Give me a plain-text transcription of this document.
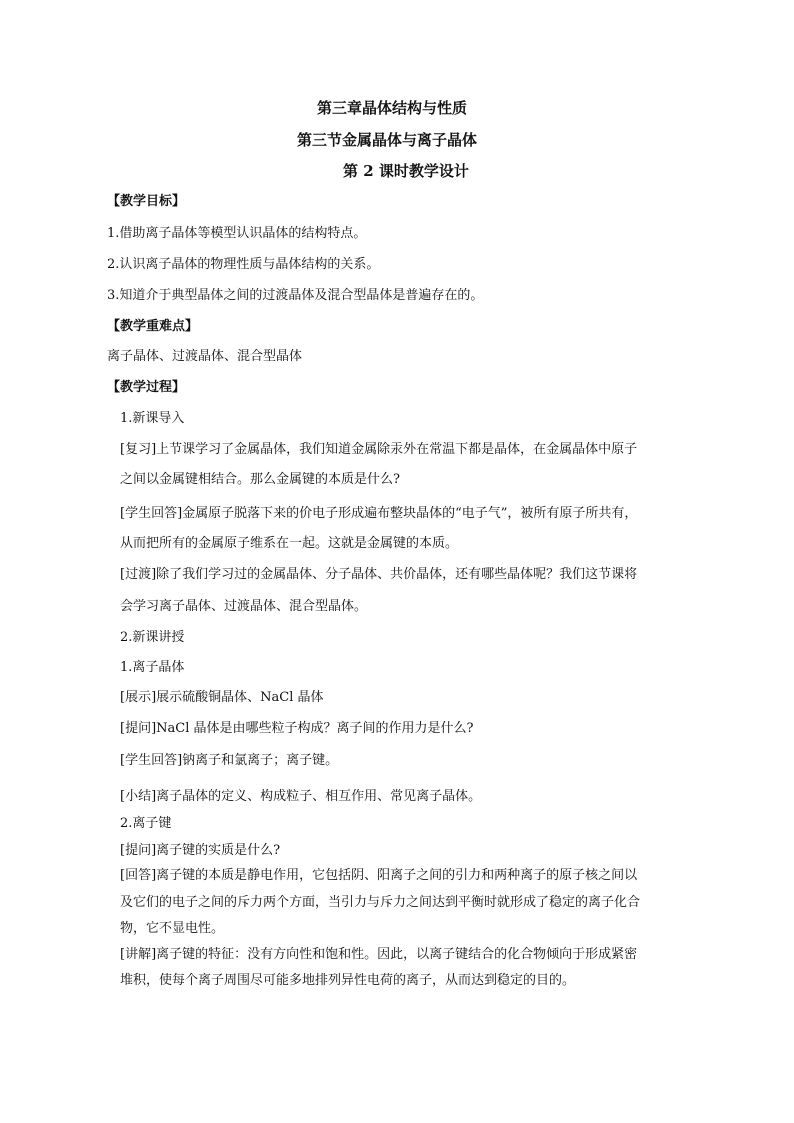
第三章晶体结构与性质
第三节金属晶体与离子晶体
第 2 课时教学设计
【教学目标】
1.借助离子晶体等模型认识晶体的结构特点。
2.认识离子晶体的物理性质与晶体结构的关系。
3.知道介于典型晶体之间的过渡晶体及混合型晶体是普遍存在的。
【教学重难点】
离子晶体、过渡晶体、混合型晶体
【教学过程】
1.新课导入
[复习]上节课学习了金属晶体，我们知道金属除汞外在常温下都是晶体，在金属晶体中原子
之间以金属键相结合。那么金属键的本质是什么?
[学生回答]金属原子脱落下来的价电子形成遍布整块晶体的“电子气”，被所有原子所共有，
从而把所有的金属原子维系在一起。这就是金属键的本质。
[过渡]除了我们学习过的金属晶体、分子晶体、共价晶体，还有哪些晶体呢？我们这节课将
会学习离子晶体、过渡晶体、混合型晶体。
2.新课讲授
1.离子晶体
[展示]展示硫酸铜晶体、NaCl 晶体
[提问]NaCl 晶体是由哪些粒子构成？离子间的作用力是什么?
[学生回答]钠离子和氯离子；离子键。
[小结]离子晶体的定义、构成粒子、相互作用、常见离子晶体。
2.离子键
[提问]离子键的实质是什么?
[回答]离子键的本质是静电作用，它包括阴、阳离子之间的引力和两种离子的原子核之间以
及它们的电子之间的斥力两个方面，当引力与斥力之间达到平衡时就形成了稳定的离子化合
物，它不显电性。
[讲解]离子键的特征：没有方向性和饱和性。因此，以离子键结合的化合物倾向于形成紧密
堆积，使每个离子周围尽可能多地排列异性电荷的离子，从而达到稳定的目的。
